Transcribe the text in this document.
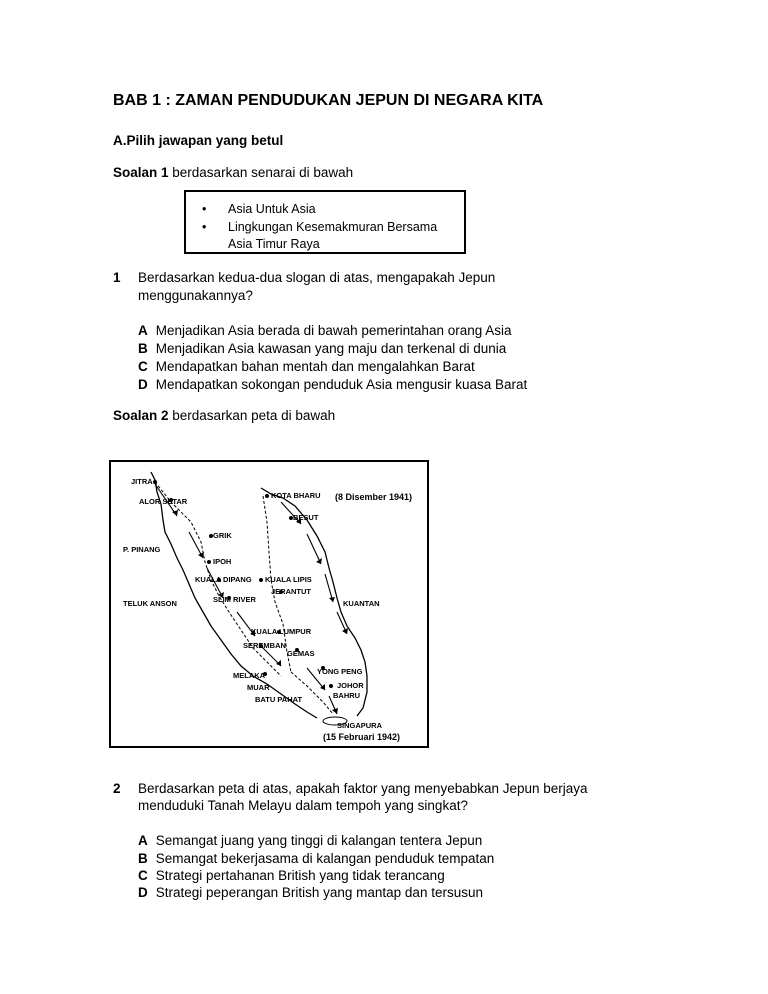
BAB 1 : ZAMAN PENDUDUKAN JEPUN DI NEGARA KITA
A.Pilih jawapan yang betul
Soalan 1 berdasarkan senarai di bawah
• Asia Untuk Asia
• Lingkungan Kesemakmuran Bersama
Asia Timur Raya
1 Berdasarkan kedua-dua slogan di atas, mengapakah Jepun
menggunakannya?
A Menjadikan Asia berada di bawah pemerintahan orang Asia
B Menjadikan Asia kawasan yang maju dan terkenal di dunia
C Mendapatkan bahan mentah dan mengalahkan Barat
D Mendapatkan sokongan penduduk Asia mengusir kuasa Barat
Soalan 2 berdasarkan peta di bawah
JITRA
ALOR SETAR
KOTA BHARU (8 Disember 1941)
BESUT
GRIK
P. PINANG
IPOH
KUALA DIPANG KUALA LIPIS
JERANTUT
TELUK ANSON	SLIM RIVER	KUANTAN
KUALA LUMPUR
SEREMBAN
GEMAS
MELAKA
MUAR
YONG PENG
JOHOR
BAHRU
BATU PAHAT
SINGAPURA
(15 Februari 1942)
2 Berdasarkan peta di atas, apakah faktor yang menyebabkan Jepun berjaya
menduduki Tanah Melayu dalam tempoh yang singkat?
A Semangat juang yang tinggi di kalangan tentera Jepun
B Semangat bekerjasama di kalangan penduduk tempatan
C Strategi pertahanan British yang tidak terancang
D Strategi peperangan British yang mantap dan tersusun
